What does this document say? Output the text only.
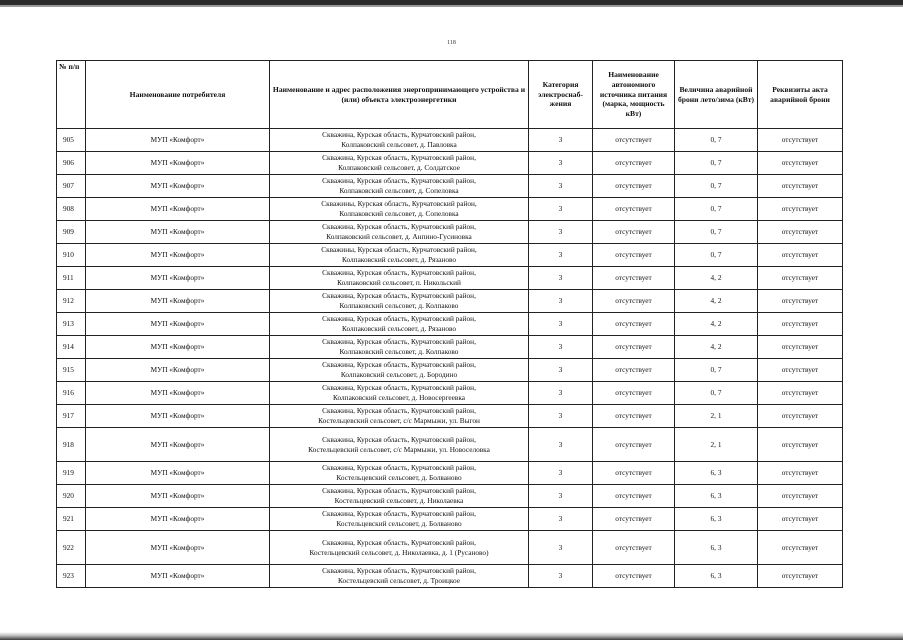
118
№ п/п	Наименование потребителя	Наименование и адрес расположения энергопринимающего устройства и (или) объекта электроэнергетики	Категория электроснаб-жения	Наименование автономного источника питания (марка, мощность кВт)	Величина аварийной брони лето/зима (кВт)	Реквизиты акта аварийной брони
905	МУП «Комфорт»	Скважина, Курская область, Курчатовский район,
Колпаковский сельсовет, д. Павловка	3	отсутствует	0, 7	отсутствует
906	МУП «Комфорт»	Скважина, Курская область, Курчатовский район,
Колпаковский сельсовет, д. Солдатское	3	отсутствует	0, 7	отсутствует
907	МУП «Комфорт»	Скважина, Курская область, Курчатовский район,
Колпаковский сельсовет, д. Сопеловка	3	отсутствует	0, 7	отсутствует
908	МУП «Комфорт»	Скважины, Курская область, Курчатовский район,
Колпаковский сельсовет, д. Сопеловка	3	отсутствует	0, 7	отсутствует
909	МУП «Комфорт»	Скважина, Курская область, Курчатовский район,
Колпаковский сельсовет, д. Анпино-Гусиновка	3	отсутствует	0, 7	отсутствует
910	МУП «Комфорт»	Скважины, Курская область, Курчатовский район,
Колпаковский сельсовет, д. Рязаново	3	отсутствует	0, 7	отсутствует
911	МУП «Комфорт»	Скважина, Курская область, Курчатовский район,
Колпаковский сельсовет, п. Никольский	3	отсутствует	4, 2	отсутствует
912	МУП «Комфорт»	Скважина, Курская область, Курчатовский район,
Колпаковский сельсовет, д. Колпаково	3	отсутствует	4, 2	отсутствует
913	МУП «Комфорт»	Скважина, Курская область, Курчатовский район,
Колпаковский сельсовет, д. Рязаново	3	отсутствует	4, 2	отсутствует
914	МУП «Комфорт»	Скважина, Курская область, Курчатовский район,
Колпаковский сельсовет, д. Колпаково	3	отсутствует	4, 2	отсутствует
915	МУП «Комфорт»	Скважина, Курская область, Курчатовский район,
Колпаковский сельсовет, д. Бородино	3	отсутствует	0, 7	отсутствует
916	МУП «Комфорт»	Скважина, Курская область, Курчатовский район,
Колпаковский сельсовет, д. Новосергеевка	3	отсутствует	0, 7	отсутствует
917	МУП «Комфорт»	Скважина, Курская область, Курчатовский район,
Костельцевский сельсовет, с/с Мармыжи, ул. Выгон	3	отсутствует	2, 1	отсутствует
918	МУП «Комфорт»	Скважина, Курская область, Курчатовский район,
Костельцевский сельсовет, с/с Мармыжи, ул. Новоселовка	3	отсутствует	2, 1	отсутствует
919	МУП «Комфорт»	Скважина, Курская область, Курчатовский район,
Костельцевский сельсовет, д. Болваново	3	отсутствует	6, 3	отсутствует
920	МУП «Комфорт»	Скважина, Курская область, Курчатовский район,
Костельцевский сельсовет, д. Николаевка	3	отсутствует	6, 3	отсутствует
921	МУП «Комфорт»	Скважина, Курская область, Курчатовский район,
Костельцевский сельсовет, д. Болваново	3	отсутствует	6, 3	отсутствует
922	МУП «Комфорт»	Скважина, Курская область, Курчатовский район,
Костельцевский сельсовет, д. Николаевка, д. 1 (Русаново)	3	отсутствует	6, 3	отсутствует
923	МУП «Комфорт»	Скважина, Курская область, Курчатовский район,
Костельцевский сельсовет, д. Троицкое	3	отсутствует	6, 3	отсутствует
